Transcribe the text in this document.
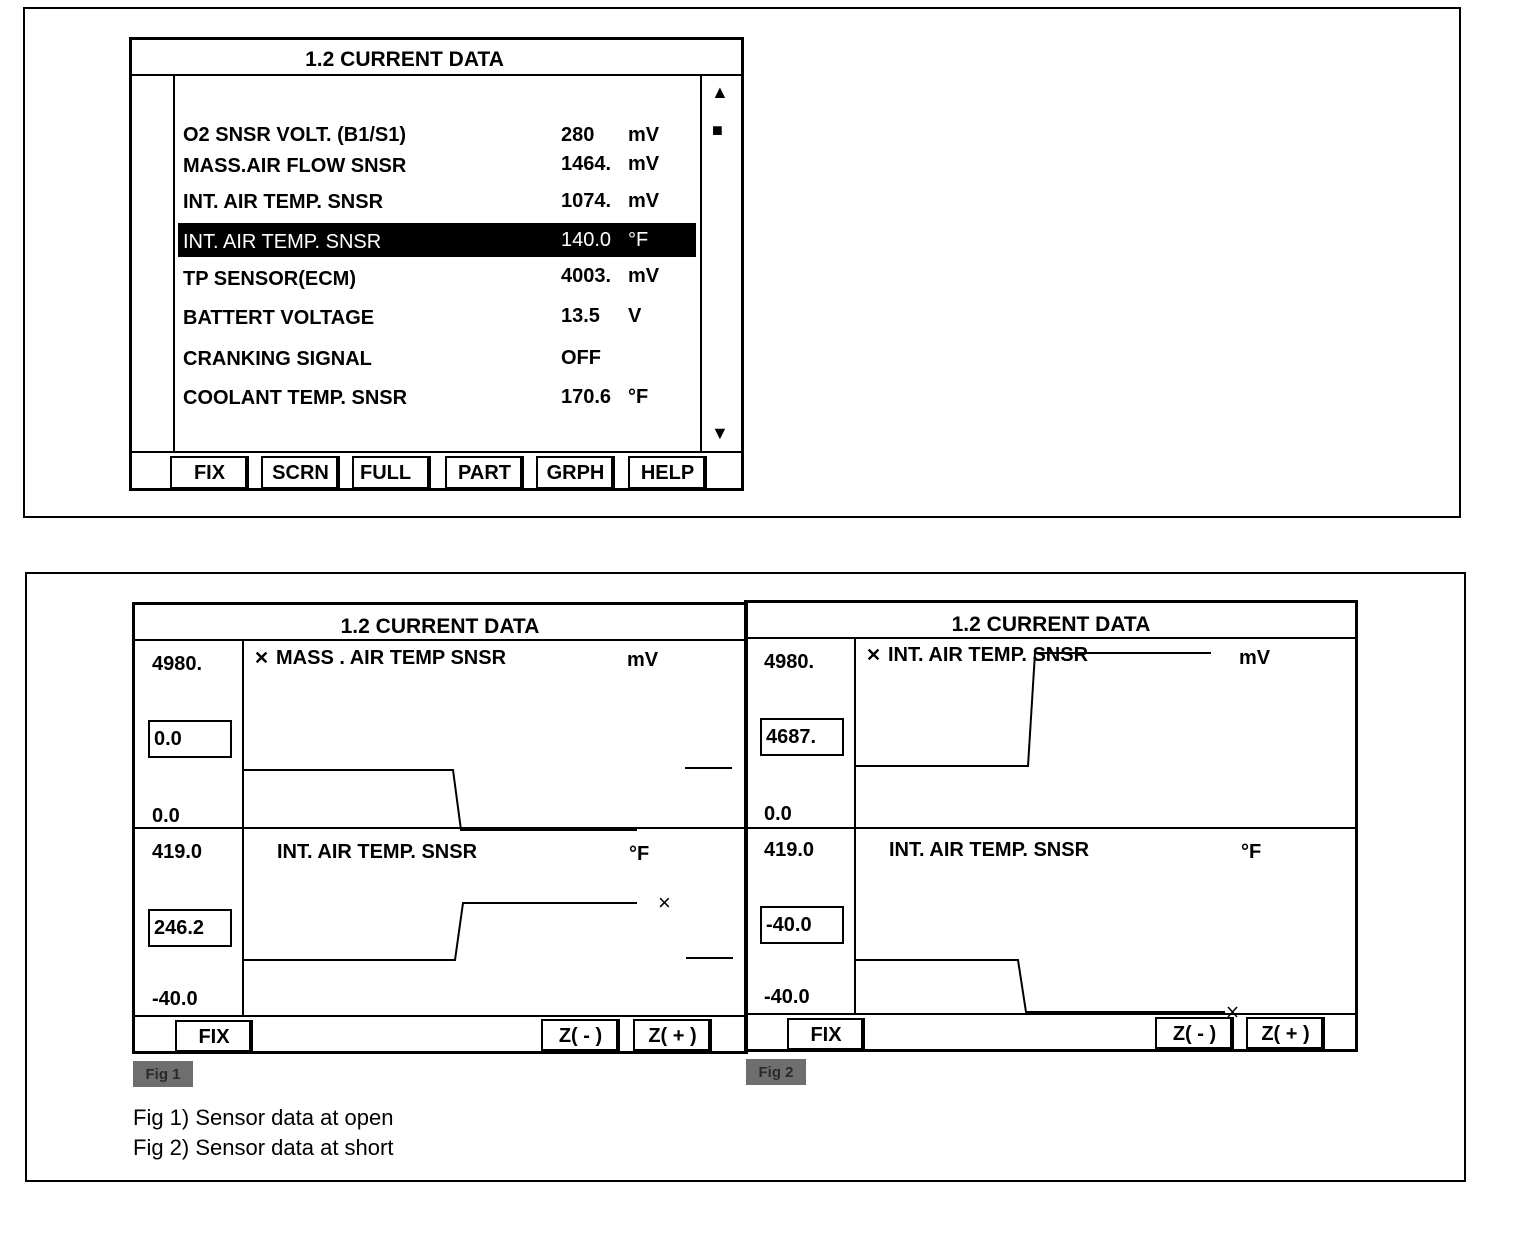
1.2 CURRENT DATA
▲
■
▼
O2 SNSR VOLT. (B1/S1)	280 mV
MASS.AIR FLOW SNSR	1464. mV
INT. AIR TEMP. SNSR	1074. mV
INT. AIR TEMP. SNSR	140.0 °F
TP SENSOR(ECM)	4003. mV
BATTERT VOLTAGE	13.5 V
CRANKING SIGNAL	OFF
COOLANT TEMP. SNSR	170.6 °F
FIX	SCRN	FULL	PART	GRPH	HELP
1.2 CURRENT DATA
4980.
0.0
0.0
✕ MASS . AIR TEMP SNSR	mV
419.0
246.2
-40.0
INT. AIR TEMP. SNSR	°F
×
FIX	Z( - )	Z( + )
Fig 1
1.2 CURRENT DATA
4980.
4687.
0.0
✕ INT. AIR TEMP. SNSR	mV
419.0
-40.0
-40.0
INT. AIR TEMP. SNSR	°F
FIX	Z( - )	Z( + )
Fig 2
Fig 1) Sensor data at open
Fig 2) Sensor data at short
